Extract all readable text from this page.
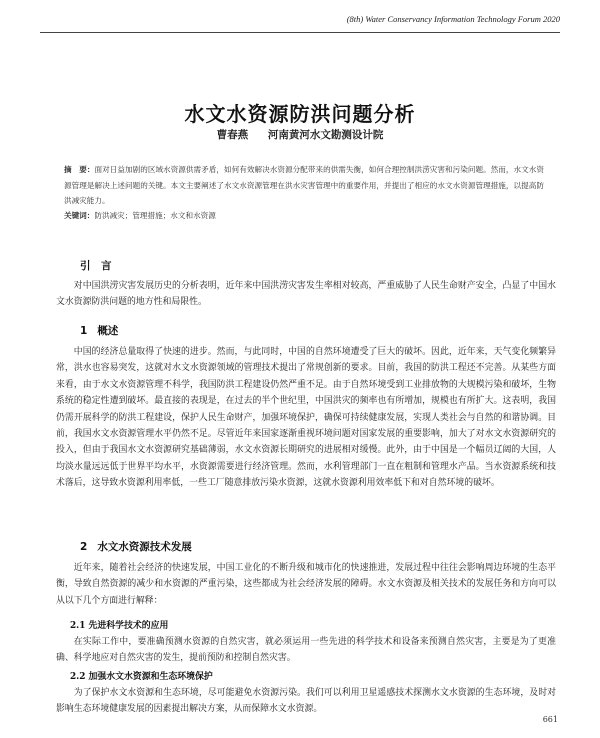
(8th) Water Conservancy Information Technology Forum 2020
水文水资源防洪问题分析
曹春燕 河南黄河水文勘测设计院
摘　要：面对日益加剧的区域水资源供需矛盾，如何有效解决水资源分配带来的供需失衡，如何合理控制洪涝灾害和污染问题。然而，水文水资源管理是解决上述问题的关键。本文主要阐述了水文水资源管理在洪水灾害管理中的重要作用，并提出了相应的水文水资源管理措施，以提高防洪减灾能力。
关键词：防洪减灾；管理措施；水文和水资源
引　言

对中国洪涝灾害发展历史的分析表明，近年来中国洪涝灾害发生率相对较高，严重威胁了人民生命财产安全，凸显了中国水文水资源防洪问题的地方性和局限性。

1 概述

中国的经济总量取得了快速的进步。然而，与此同时，中国的自然环境遭受了巨大的破坏。因此，近年来，天气变化频繁异常，洪水也容易突发，这就对水文水资源领域的管理技术提出了常规创新的要求。目前，我国的防洪工程还不完善。从某些方面来看，由于水文水资源管理不科学，我国防洪工程建设仍然严重不足。由于自然环境受到工业排放物的大规模污染和破坏，生物系统的稳定性遭到破坏。最直接的表现是，在过去的半个世纪里，中国洪灾的频率也有所增加，规模也有所扩大。这表明，我国仍需开展科学的防洪工程建设，保护人民生命财产，加强环境保护，确保可持续健康发展，实现人类社会与自然的和谐协调。目前，我国水文水资源管理水平仍然不足。尽管近年来国家逐渐重视环境问题对国家发展的重要影响，加大了对水文水资源研究的投入，但由于我国水文水资源研究基础薄弱，水文水资源长期研究的进展相对缓慢。此外，由于中国是一个幅员辽阔的大国，人均淡水量远远低于世界平均水平，水资源需要进行经济管理。然而，水利管理部门一直在粗制和管理水产品。当水资源系统和技术落后，这导致水资源利用率低，一些工厂随意排放污染水资源，这就水资源利用效率低下和对自然环境的破坏。

2 水文水资源技术发展

近年来，随着社会经济的快速发展，中国工业化的不断升级和城市化的快速推进，发展过程中往往会影响周边环境的生态平衡，导致自然资源的减少和水资源的严重污染，这些都成为社会经济发展的障碍。水文水资源及相关技术的发展任务和方向可以从以下几个方面进行解释：

2.1 先进科学技术的应用

在实际工作中，要准确预测水资源的自然灾害，就必须运用一些先进的科学技术和设备来预测自然灾害，主要是为了更准确、科学地应对自然灾害的发生，提前预防和控制自然灾害。

2.2 加强水文水资源和生态环境保护

为了保护水文水资源和生态环境，尽可能避免水资源污染。我们可以利用卫星遥感技术探测水文水资源的生态环境，及时对影响生态环境健康发展的因素提出解决方案，从而保障水文水资源。

661
